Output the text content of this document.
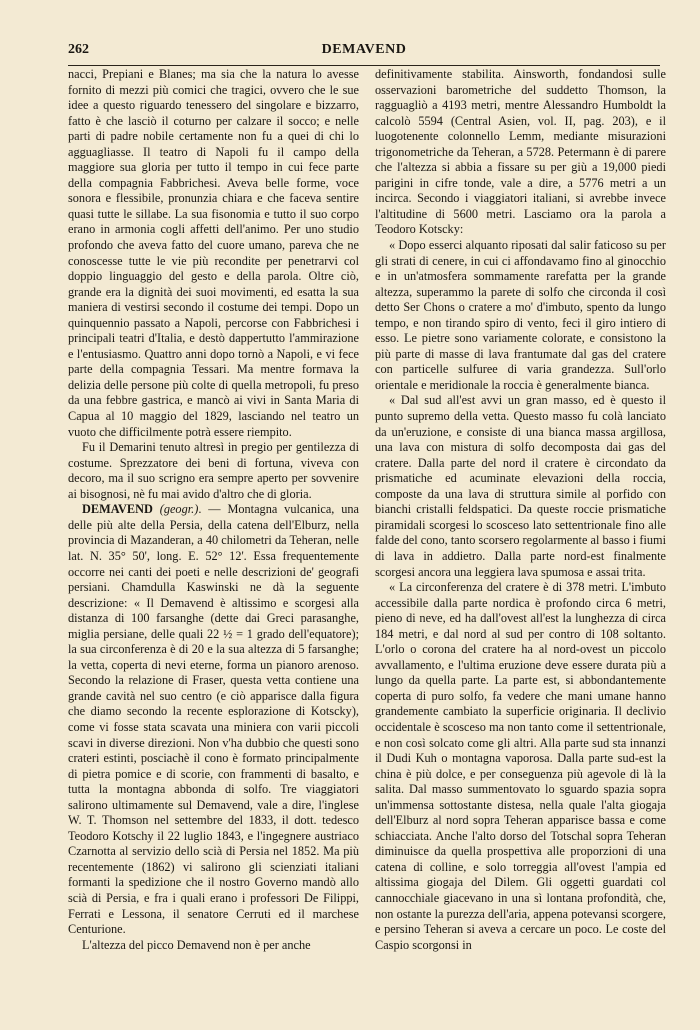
262	DEMAVEND

nacci, Prepiani e Blanes; ma sia che la natura lo avesse fornito di mezzi più comici che tragici, ovvero che le sue idee a questo riguardo tenessero del singolare e bizzarro, fatto è che lasciò il coturno per calzare il socco; e nelle parti di padre nobile certamente non fu a quei di chi lo agguagliasse. Il teatro di Napoli fu il campo della maggiore sua gloria per tutto il tempo in cui fece parte della compagnia Fabbrichesi. Aveva belle forme, voce sonora e flessibile, pronunzia chiara e che faceva sentire quasi tutte le sillabe. La sua fisonomia e tutto il suo corpo erano in armonia cogli affetti dell'animo. Per uno studio profondo che aveva fatto del cuore umano, pareva che ne conoscesse tutte le vie più recondite per penetrarvi col doppio linguaggio del gesto e della parola. Oltre ciò, grande era la dignità dei suoi movimenti, ed esatta la sua maniera di vestirsi secondo il costume dei tempi. Dopo un quinquennio passato a Napoli, percorse con Fabbrichesi i principali teatri d'Italia, e destò dappertutto l'ammirazione e l'entusiasmo. Quattro anni dopo tornò a Napoli, e vi fece parte della compagnia Tessari. Ma mentre formava la delizia delle persone più colte di quella metropoli, fu preso da una febbre gastrica, e mancò ai vivi in Santa Maria di Capua al 10 maggio del 1829, lasciando nel teatro un vuoto che difficilmente potrà essere riempito.

Fu il Demarini tenuto altresì in pregio per gentilezza di costume. Sprezzatore dei beni di fortuna, viveva con decoro, ma il suo scrigno era sempre aperto per sovvenire ai bisognosi, nè fu mai avido d'altro che di gloria.

DEMAVEND (geogr.). — Montagna vulcanica, una delle più alte della Persia, della catena dell'Elburz, nella provincia di Mazanderan, a 40 chilometri da Teheran, nelle lat. N. 35° 50', long. E. 52° 12'. Essa frequentemente occorre nei canti dei poeti e nelle descrizioni de' geografi persiani. Chamdulla Kaswinski ne dà la seguente descrizione: « Il Demavend è altissimo e scorgesi alla distanza di 100 farsanghe (dette dai Greci parasanghe, miglia persiane, delle quali 22 ½ = 1 grado dell'equatore); la sua circonferenza è di 20 e la sua altezza di 5 farsanghe; la vetta, coperta di nevi eterne, forma un pianoro arenoso. Secondo la relazione di Fraser, questa vetta contiene una grande cavità nel suo centro (e ciò apparisce dalla figura che diamo secondo la recente esplorazione di Kotscky), come vi fosse stata scavata una miniera con varii piccoli scavi in diverse direzioni. Non v'ha dubbio che questi sono crateri estinti, posciachè il cono è formato principalmente di pietra pomice e di scorie, con frammenti di basalto, e tutta la montagna abbonda di solfo. Tre viaggiatori salirono ultimamente sul Demavend, vale a dire, l'inglese W. T. Thomson nel settembre del 1833, il dott. tedesco Teodoro Kotschy il 22 luglio 1843, e l'ingegnere austriaco Czarnotta al servizio dello scià di Persia nel 1852. Ma più recentemente (1862) vi salirono gli scienziati italiani formanti la spedizione che il nostro Governo mandò allo scià di Persia, e fra i quali erano i professori De Filippi, Ferrati e Lessona, il senatore Cerruti ed il marchese Centurione.

L'altezza del picco Demavend non è per anche

definitivamente stabilita. Ainsworth, fondandosi sulle osservazioni barometriche del suddetto Thomson, la ragguagliò a 4193 metri, mentre Alessandro Humboldt la calcolò 5594 (Central Asien, vol. II, pag. 203), e il luogotenente colonnello Lemm, mediante misurazioni trigonometriche da Teheran, a 5728. Petermann è di parere che l'altezza si abbia a fissare su per giù a 19,000 piedi parigini in cifre tonde, vale a dire, a 5776 metri a un incirca. Secondo i viaggiatori italiani, si avrebbe invece l'altitudine di 5600 metri. Lasciamo ora la parola a Teodoro Kotscky:

« Dopo esserci alquanto riposati dal salir faticoso su per gli strati di cenere, in cui ci affondavamo fino al ginocchio e in un'atmosfera sommamente rarefatta per la grande altezza, superammo la parete di solfo che circonda il così detto Ser Chons o cratere a mo' d'imbuto, spento da lungo tempo, e non tirando spiro di vento, feci il giro intiero di esso. Le pietre sono variamente colorate, e consistono la più parte di masse di lava frantumate dal gas del cratere con particelle sulfuree di varia grandezza. Sull'orlo orientale e meridionale la roccia è generalmente bianca.

« Dal sud all'est avvi un gran masso, ed è questo il punto supremo della vetta. Questo masso fu colà lanciato da un'eruzione, e consiste di una bianca massa argillosa, una lava con mistura di solfo decomposta dai gas del cratere. Dalla parte del nord il cratere è circondato da prismatiche ed acuminate elevazioni della roccia, composte da una lava di struttura simile al porfido con bianchi cristalli feldspatici. Da queste roccie prismatiche piramidali scorgesi lo scosceso lato settentrionale fino alle falde del cono, tanto scorsero regolarmente al basso i fiumi di lava in addietro. Dalla parte nord-est finalmente scorgesi ancora una leggiera lava spumosa e assai trita.

« La circonferenza del cratere è di 378 metri. L'imbuto accessibile dalla parte nordica è profondo circa 6 metri, pieno di neve, ed ha dall'ovest all'est la lunghezza di circa 184 metri, e dal nord al sud per contro di 108 soltanto. L'orlo o corona del cratere ha al nord-ovest un piccolo avvallamento, e l'ultima eruzione deve essere durata più a lungo da quella parte. La parte est, si abbondantemente coperta di puro solfo, fa vedere che mani umane hanno grandemente cambiato la superficie originaria. Il declivio occidentale è scosceso ma non tanto come il settentrionale, e non così solcato come gli altri. Alla parte sud sta innanzi il Dudi Kuh o montagna vaporosa. Dalla parte sud-est la china è più dolce, e per conseguenza più agevole di là la salita. Dal masso summentovato lo sguardo spazia sopra un'immensa sottostante distesa, nella quale l'alta giogaja dell'Elburz al nord sopra Teheran apparisce bassa e come schiacciata. Anche l'alto dorso del Totschal sopra Teheran diminuisce da quella prospettiva alle proporzioni di una catena di colline, e solo torreggia all'ovest l'ampia ed altissima giogaja del Dilem. Gli oggetti guardati col cannocchiale giacevano in una sì lontana profondità, che, non ostante la purezza dell'aria, appena potevansi scorgere, e persino Teheran si aveva a cercare un poco. Le coste del Caspio scorgonsi in
